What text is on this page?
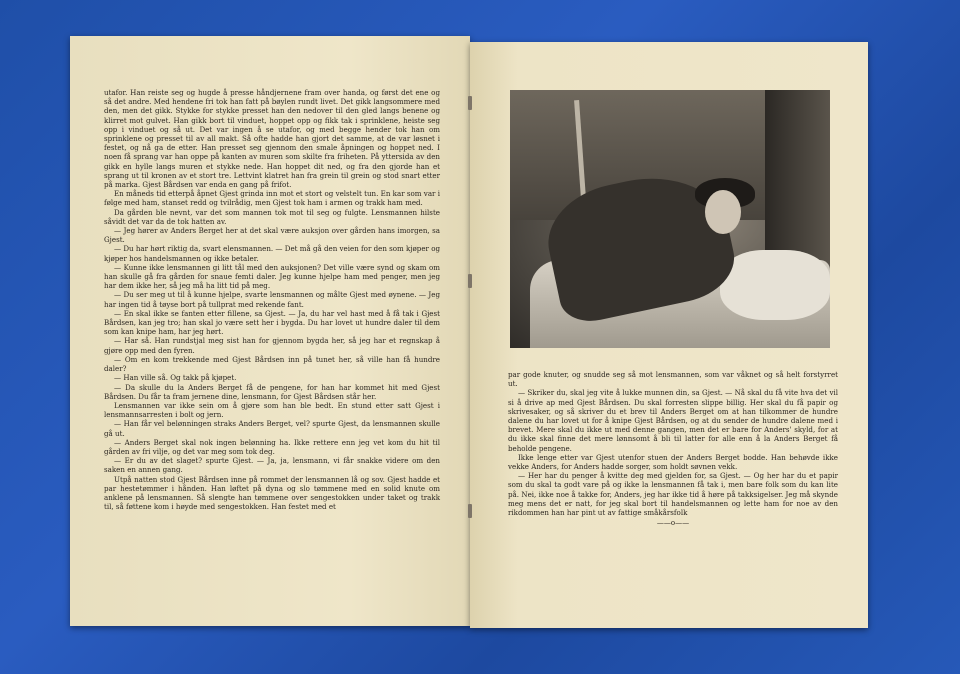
utafor. Han reiste seg og hugde å presse håndjernene fram over handa, og først det ene og så det andre. Med hendene fri tok han fatt på bøylen rundt livet. Det gikk langsommere med den, men det gikk. Stykke for stykke presset han den nedover til den gled langs benene og klirret mot gulvet. Han gikk bort til vinduet, hoppet opp og fikk tak i sprinklene, heiste seg opp i vinduet og så ut. Det var ingen å se utafor, og med begge hender tok han om sprinklene og presset til av all makt. Så ofte hadde han gjort det samme, at de var løsnet i festet, og nå ga de etter. Han presset seg gjennom den smale åpningen og hoppet ned. I noen få sprang var han oppe på kanten av muren som skilte fra friheten. På yttersida av den gikk en hylle langs muren et stykke nede. Han hoppet dit ned, og fra den gjorde han et sprang ut til kronen av et stort tre. Lettvint klatret han fra grein til grein og stod snart etter på marka. Gjest Bårdsen var enda en gang på frifot.

En måneds tid etterpå åpnet Gjest grinda inn mot et stort og velstelt tun. En kar som var i følge med ham, stanset redd og tvilrådig, men Gjest tok ham i armen og trakk ham med.

Da gården ble nevnt, var det som mannen tok mot til seg og fulgte. Lensmannen hilste såvidt det var da de tok hatten av.

— Jeg hører av Anders Berget her at det skal være auksjon over gården hans imorgen, sa Gjest.

— Du har hørt riktig da, svart elensmannen. — Det må gå den veien for den som kjøper og kjøper hos handelsmannen og ikke betaler.

— Kunne ikke lensmannen gi litt tål med den auksjonen? Det ville være synd og skam om han skulle gå fra gården for snaue femti daler. Jeg kunne hjelpe ham med penger, men jeg har dem ikke her, så jeg må ha litt tid på meg.

— Du ser meg ut til å kunne hjelpe, svarte lensmannen og målte Gjest med øynene. — Jeg har ingen tid å tøyse bort på tullprat med rekende fant.

— En skal ikke se fanten etter fillene, sa Gjest. — Ja, du har vel hast med å få tak i Gjest Bårdsen, kan jeg tro; han skal jo være sett her i bygda. Du har lovet ut hundre daler til dem som kan knipe ham, har jeg hørt.

— Har så. Han rundstjal meg sist han for gjennom bygda her, så jeg har et regnskap å gjøre opp med den fyren.

— Om en kom trekkende med Gjest Bårdsen inn på tunet her, så ville han få hundre daler?

— Han ville så. Og takk på kjøpet.

— Da skulle du la Anders Berget få de pengene, for han har kommet hit med Gjest Bårdsen. Du får ta fram jernene dine, lensmann, for Gjest Bårdsen står her.

Lensmannen var ikke sein om å gjøre som han ble bedt. En stund etter satt Gjest i lensmannsarresten i bolt og jern.

— Han får vel belønningen straks Anders Berget, vel? spurte Gjest, da lensmannen skulle gå ut.

— Anders Berget skal nok ingen belønning ha. Ikke rettere enn jeg vet kom du hit til gården av fri vilje, og det var meg som tok deg.

— Er du av det slaget? spurte Gjest. — Ja, ja, lensmann, vi får snakke videre om den saken en annen gang.

Utpå natten stod Gjest Bårdsen inne på rommet der lensmannen lå og sov. Gjest hadde et par hestetømmer i hånden. Han løftet på dyna og slo tømmene med en solid knute om anklene på lensmannen. Så slengte han tømmene over sengestokken under taket og trakk til, så føttene kom i høyde med sengestokken. Han festet med et

par gode knuter, og snudde seg så mot lensmannen, som var våknet og så helt forstyrret ut.

— Skriker du, skal jeg vite å lukke munnen din, sa Gjest. — Nå skal du få vite hva det vil si å drive ap med Gjest Bårdsen. Du skal forresten slippe billig. Her skal du få papir og skrivesaker, og så skriver du et brev til Anders Berget om at han tilkommer de hundre dalene du har lovet ut for å knipe Gjest Bårdsen, og at du sender de hundre dalene med i brevet. Mere skal du ikke ut med denne gangen, men det er bare for Anders' skyld, for at du ikke skal finne det mere lønnsomt å bli til latter for alle enn å la Anders Berget få beholde pengene.

Ikke lenge etter var Gjest utenfor stuen der Anders Berget bodde. Han behøvde ikke vekke Anders, for Anders hadde sorger, som holdt søvnen vekk.

— Her har du penger å kvitte deg med gjelden for, sa Gjest. — Og her har du et papir som du skal ta godt vare på og ikke la lensmannen få tak i, men bare folk som du kan lite på. Nei, ikke noe å takke for, Anders, jeg har ikke tid å høre på takksigelser. Jeg må skynde meg mens det er natt, for jeg skal bort til handelsmannen og lette ham for noe av den rikdommen han har pint ut av fattige småkårsfolk

——o——
